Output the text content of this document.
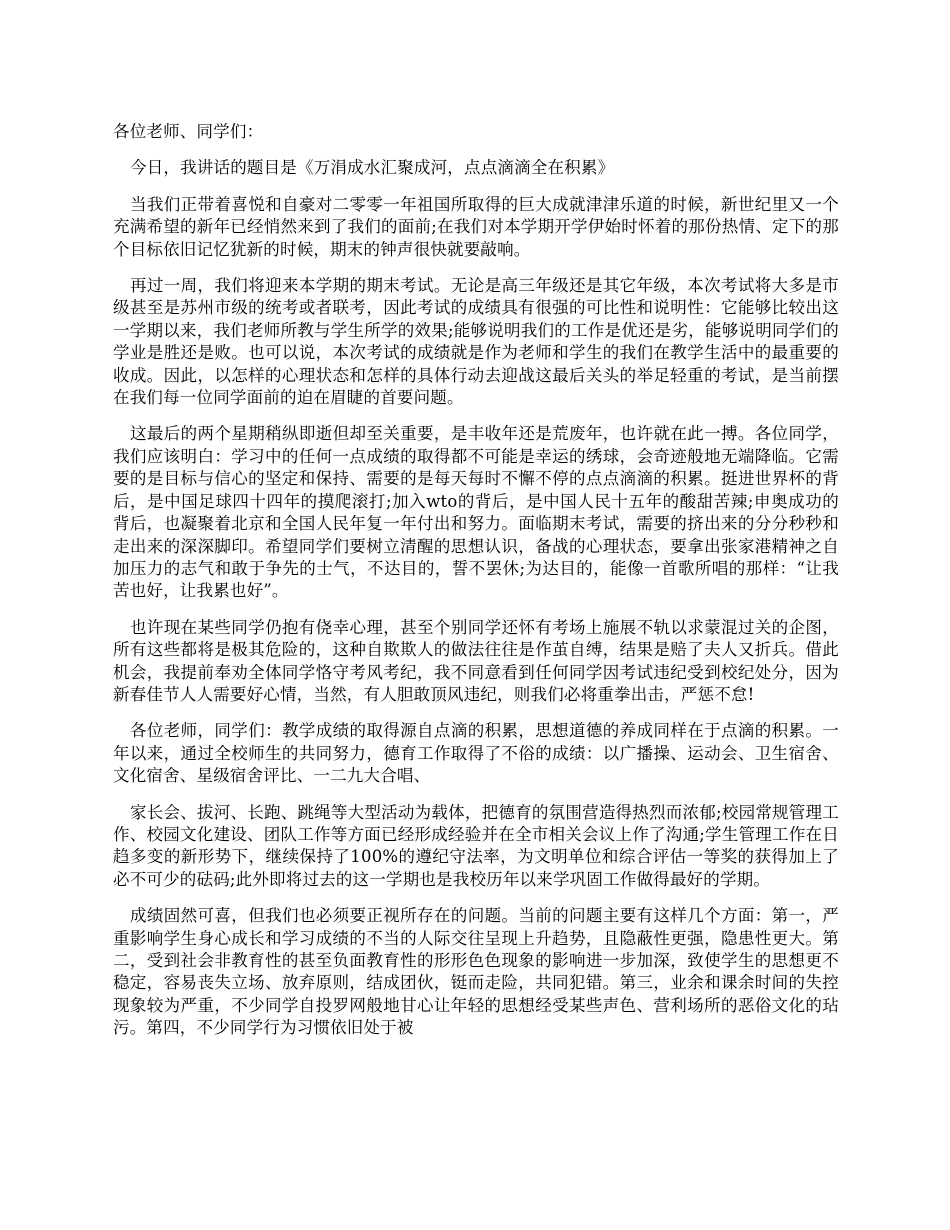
各位老师、同学们：

今日，我讲话的题目是《万涓成水汇聚成河，点点滴滴全在积累》

当我们正带着喜悦和自豪对二零零一年祖国所取得的巨大成就津津乐道的时候，新世纪里又一个充满希望的新年已经悄然来到了我们的面前;在我们对本学期开学伊始时怀着的那份热情、定下的那个目标依旧记忆犹新的时候，期末的钟声很快就要敲响。

再过一周，我们将迎来本学期的期末考试。无论是高三年级还是其它年级，本次考试将大多是市级甚至是苏州市级的统考或者联考，因此考试的成绩具有很强的可比性和说明性：它能够比较出这一学期以来，我们老师所教与学生所学的效果;能够说明我们的工作是优还是劣，能够说明同学们的学业是胜还是败。也可以说，本次考试的成绩就是作为老师和学生的我们在教学生活中的最重要的收成。因此，以怎样的心理状态和怎样的具体行动去迎战这最后关头的举足轻重的考试，是当前摆在我们每一位同学面前的迫在眉睫的首要问题。

这最后的两个星期稍纵即逝但却至关重要，是丰收年还是荒废年，也许就在此一搏。各位同学，我们应该明白：学习中的任何一点成绩的取得都不可能是幸运的绣球，会奇迹般地无端降临。它需要的是目标与信心的坚定和保持、需要的是每天每时不懈不停的点点滴滴的积累。挺进世界杯的背后，是中国足球四十四年的摸爬滚打;加入wto的背后，是中国人民十五年的酸甜苦辣;申奥成功的背后，也凝聚着北京和全国人民年复一年付出和努力。面临期末考试，需要的挤出来的分分秒秒和走出来的深深脚印。希望同学们要树立清醒的思想认识，备战的心理状态，要拿出张家港精神之自加压力的志气和敢于争先的士气，不达目的，誓不罢休;为达目的，能像一首歌所唱的那样：“让我苦也好，让我累也好”。

也许现在某些同学仍抱有侥幸心理，甚至个别同学还怀有考场上施展不轨以求蒙混过关的企图，所有这些都将是极其危险的，这种自欺欺人的做法往往是作茧自缚，结果是赔了夫人又折兵。借此机会，我提前奉劝全体同学恪守考风考纪，我不同意看到任何同学因考试违纪受到校纪处分，因为新春佳节人人需要好心情，当然，有人胆敢顶风违纪，则我们必将重拳出击，严惩不怠!

各位老师，同学们：教学成绩的取得源自点滴的积累，思想道德的养成同样在于点滴的积累。一年以来，通过全校师生的共同努力，德育工作取得了不俗的成绩：以广播操、运动会、卫生宿舍、文化宿舍、星级宿舍评比、一二九大合唱、

家长会、拔河、长跑、跳绳等大型活动为载体，把德育的氛围营造得热烈而浓郁;校园常规管理工作、校园文化建设、团队工作等方面已经形成经验并在全市相关会议上作了沟通;学生管理工作在日趋多变的新形势下，继续保持了100%的遵纪守法率，为文明单位和综合评估一等奖的获得加上了必不可少的砝码;此外即将过去的这一学期也是我校历年以来学巩固工作做得最好的学期。

成绩固然可喜，但我们也必须要正视所存在的问题。当前的问题主要有这样几个方面：第一，严重影响学生身心成长和学习成绩的不当的人际交往呈现上升趋势，且隐蔽性更强，隐患性更大。第二，受到社会非教育性的甚至负面教育性的形形色色现象的影响进一步加深，致使学生的思想更不稳定，容易丧失立场、放弃原则，结成团伙，铤而走险，共同犯错。第三，业余和课余时间的失控现象较为严重，不少同学自投罗网般地甘心让年轻的思想经受某些声色、营利场所的恶俗文化的玷污。第四，不少同学行为习惯依旧处于被
